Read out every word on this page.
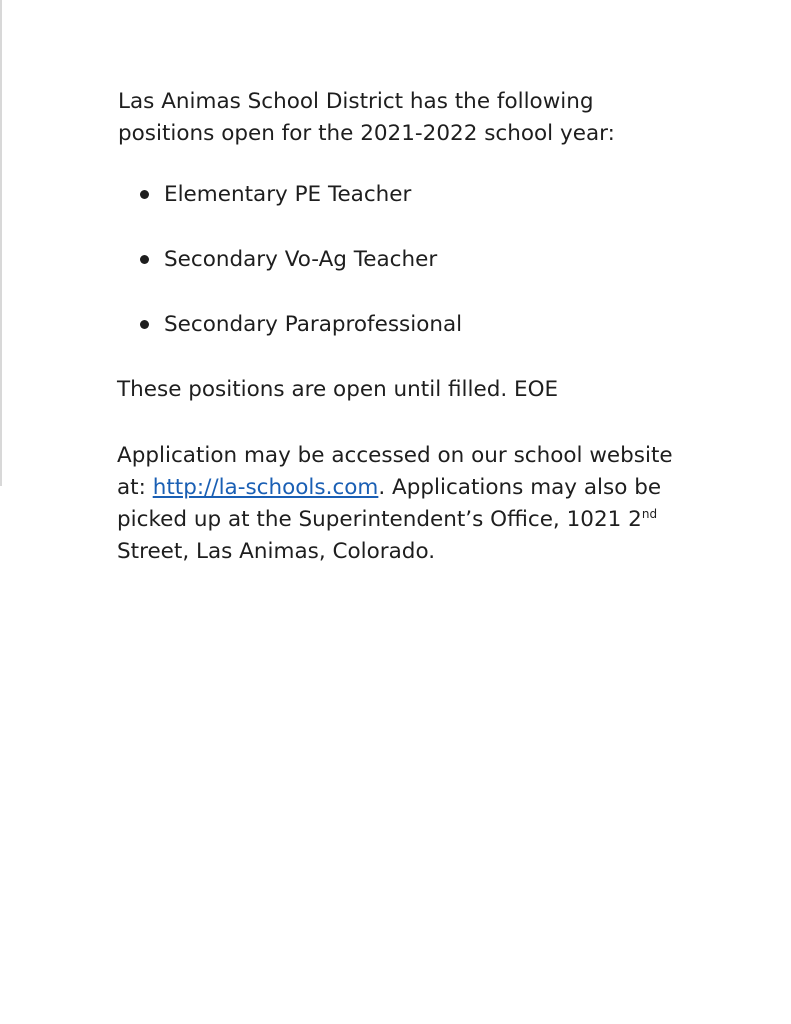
Las Animas School District has the following
positions open for the 2021-2022 school year:

Elementary PE Teacher
Secondary Vo-Ag Teacher
Secondary Paraprofessional

These positions are open until filled. EOE

Application may be accessed on our school website
at: http://la-schools.com. Applications may also be
picked up at the Superintendent’s Office, 1021 2nd
Street, Las Animas, Colorado.
